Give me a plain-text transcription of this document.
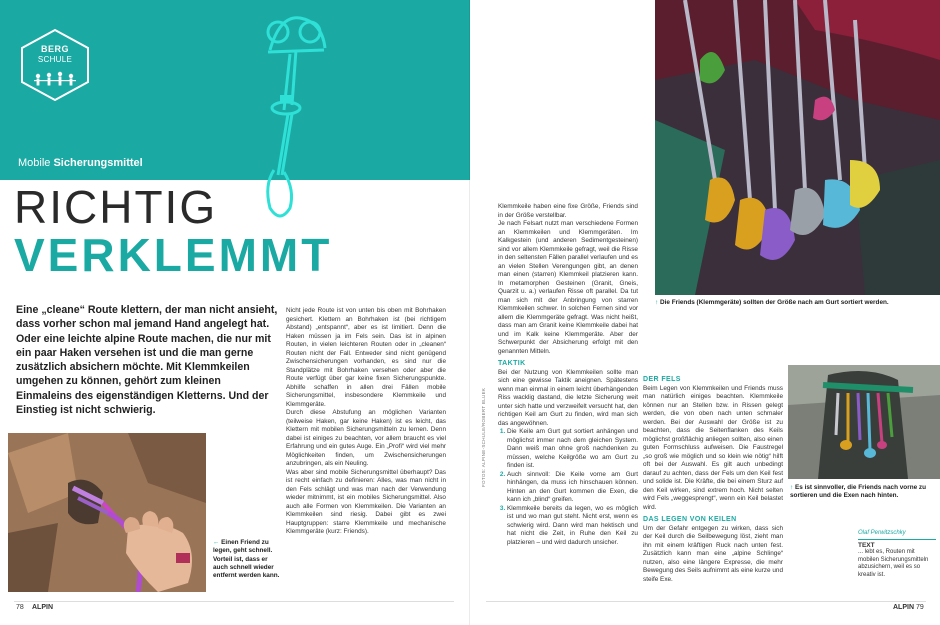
BERG
SCHULE
Mobile Sicherungsmittel
RICHTIG
VERKLEMMT

Eine „cleane“ Route klettern, der man nicht ansieht, dass vorher schon mal jemand Hand angelegt hat. Oder eine leichte alpine Route machen, die nur mit ein paar Haken versehen ist und die man gerne zusätzlich absichern möchte. Mit Klemmkeilen umgehen zu können, gehört zum kleinen Einmaleins des eigenständigen Kletterns. Und der Einstieg ist nicht schwierig.

Nicht jede Route ist von unten bis oben mit Bohrhaken gesichert. Klettern an Bohrhaken ist (bei richtigem Abstand) „entspannt“, aber es ist limitiert. Denn die Haken müssen ja im Fels sein. Das ist in alpinen Routen, in vielen leichteren Routen oder in „cleanen“ Routen nicht der Fall. Entweder sind nicht genügend Zwischensicherungen vorhanden, es sind nur die Standplätze mit Bohrhaken versehen oder aber die Route verfügt über gar keine fixen Sicherungspunkte. Abhilfe schaffen in allen drei Fällen mobile Sicherungsmittel, insbesondere Klemmkeile und Klemmgeräte.

Durch diese Abstufung an möglichen Varianten (teilweise Haken, gar keine Haken) ist es leicht, das Klettern mit mobilen Sicherungsmitteln zu lernen. Denn dabei ist einiges zu beachten, vor allem braucht es viel Erfahrung und ein gutes Auge. Ein „Profi“ wird viel mehr Möglichkeiten finden, um Zwischensicherungen anzubringen, als ein Neuling.

Was aber sind mobile Sicherungsmittel überhaupt? Das ist recht einfach zu definieren: Alles, was man nicht in den Fels schlägt und was man nach der Verwendung wieder mitnimmt, ist ein mobiles Sicherungsmittel. Also auch alle Formen von Klemmkeilen. Die Varianten an Klemmkeilen sind riesig. Dabei gibt es zwei Hauptgruppen: starre Klemmkeile und mechanische Klemmgeräte (kurz: Friends).

Klemmkeile haben eine fixe Größe, Friends sind in der Größe verstellbar.

Je nach Felsart nutzt man verschiedene Formen an Klemmkeilen und Klemmgeräten. Im Kalkgestein (und anderen Sedimentgesteinen) sind vor allem Klemmkeile gefragt, weil die Risse in den seltensten Fällen parallel verlaufen und es an vielen Stellen Verengungen gibt, an denen man einen (starren) Klemmkeil platzieren kann. In metamorphen Gesteinen (Granit, Gneis, Quarzit u. a.) verlaufen Risse oft parallel. Da tut man sich mit der Anbringung von starren Klemmkeilen schwer. In solchen Fernen sind vor allem die Klemmgeräte gefragt. Was nicht heißt, dass man am Granit keine Klemmkeile dabei hat und im Kalk keine Klemmgeräte. Aber der Schwerpunkt der Absicherung erfolgt mit den genannten Mitteln.

TAKTIK

Bei der Nutzung von Klemmkeilen sollte man sich eine gewisse Taktik aneignen. Spätestens wenn man einmal in einem leicht überhängenden Riss wacklig dastand, die letzte Sicherung weit unter sich hatte und verzweifelt versucht hat, den richtigen Keil am Gurt zu finden, wird man sich das angewöhnen.

1. Die Keile am Gurt gut sortiert anhängen und möglichst immer nach dem gleichen System. Dann weiß man ohne groß nachdenken zu müssen, welche Keilgröße wo am Gurt zu finden ist.
2. Auch sinnvoll: Die Keile vorne am Gurt hinhängen, da muss ich hinschauen können. Hinten an den Gurt kommen die Exen, die kann ich „blind“ greifen.
3. Klemmkeile bereits da legen, wo es möglich ist und wo man gut steht. Nicht erst, wenn es schwierig wird. Dann wird man hektisch und hat nicht die Zeit, in Ruhe den Keil zu platzieren – und wird dadurch unsicher.

DER FELS

Beim Legen von Klemmkeilen und Friends muss man natürlich einiges beachten. Klemmkeile können nur an Stellen bzw. in Rissen gelegt werden, die von oben nach unten schmaler werden. Bei der Auswahl der Größe ist zu beachten, dass die Seitenflanken des Keils möglichst großflächig anliegen sollten, also einen guten Formschluss aufweisen. Die Faustregel „so groß wie möglich und so klein wie nötig“ hilft oft bei der Auswahl. Es gilt auch unbedingt darauf zu achten, dass der Fels um den Keil fest und solide ist. Die Kräfte, die bei einem Sturz auf den Keil wirken, sind extrem hoch. Nicht selten wird Fels „weggesprengt“, wenn ein Keil belastet wird.

DAS LEGEN VON KEILEN

Um der Gefahr entgegen zu wirken, dass sich der Keil durch die Seilbewegung löst, zieht man ihn mit einem kräftigen Ruck nach unten fest. Zusätzlich kann man eine „alpine Schlinge“ nutzen, also eine längere Expresse, die mehr Bewegung des Seils aufnimmt als eine kurze und steife Exe.

← Einen Friend zu legen, geht schnell. Vorteil ist, dass er auch schnell wieder entfernt werden kann.
↑ Die Friends (Klemmgeräte) sollten der Größe nach am Gurt sortiert werden.
↑ Es ist sinnvoller, die Friends nach vorne zu sortieren und die Exen nach hinten.
FOTOS: ALPINE-SCHULE/ROBERT BLUEK
Olaf Perwitzschky
TEXT
... lebt es, Routen mit mobilen Sicherungsmitteln abzusichern, weil es so kreativ ist.
78 ALPIN	ALPIN 79
